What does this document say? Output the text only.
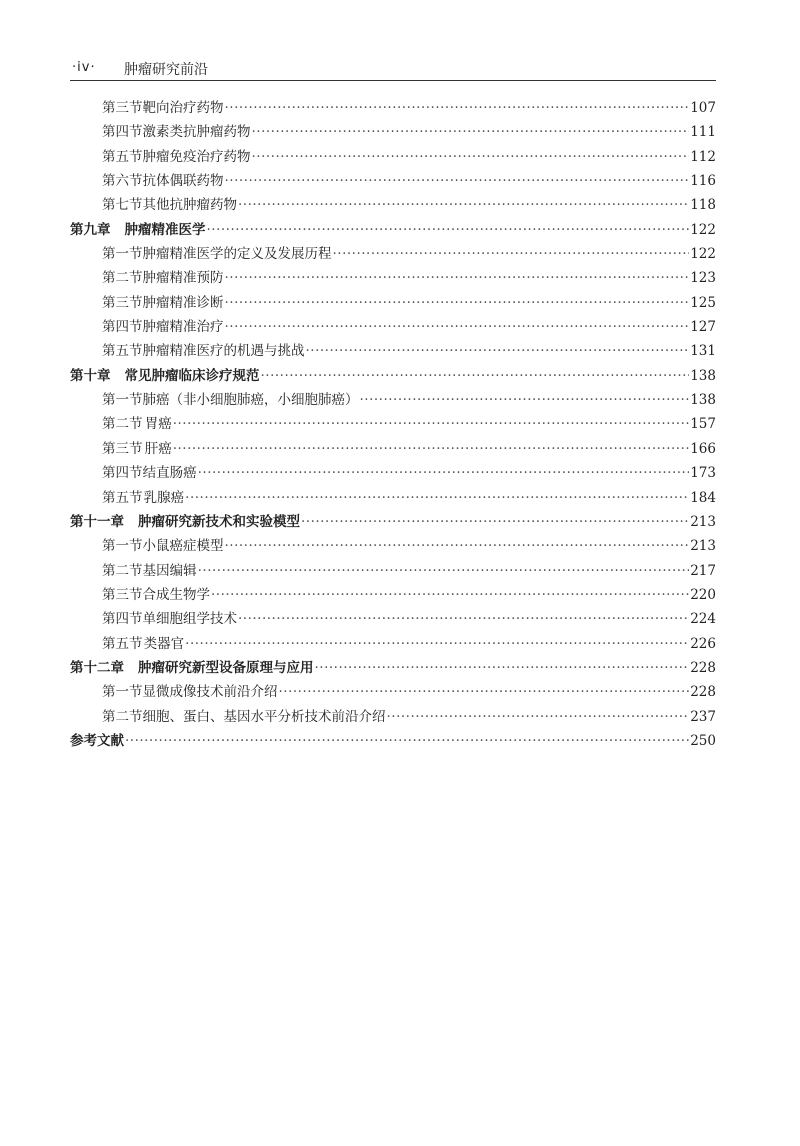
·iv· 肿瘤研究前沿
第三节 靶向治疗药物 ·····	107
第四节 激素类抗肿瘤药物 ·····	111
第五节 肿瘤免疫治疗药物 ·····	112
第六节 抗体偶联药物 ·····	116
第七节 其他抗肿瘤药物 ·····	118
第九章 肿瘤精准医学 ·····	122
第一节 肿瘤精准医学的定义及发展历程 ·····	122
第二节 肿瘤精准预防 ·····	123
第三节 肿瘤精准诊断 ·····	125
第四节 肿瘤精准治疗 ·····	127
第五节 肿瘤精准医疗的机遇与挑战 ·····	131
第十章 常见肿瘤临床诊疗规范 ·····	138
第一节 肺癌（非小细胞肺癌，小细胞肺癌） ·····	138
第二节 胃癌 ·····	157
第三节 肝癌 ·····	166
第四节 结直肠癌 ·····	173
第五节 乳腺癌 ·····	184
第十一章 肿瘤研究新技术和实验模型 ·····	213
第一节 小鼠癌症模型 ·····	213
第二节 基因编辑 ·····	217
第三节 合成生物学 ·····	220
第四节 单细胞组学技术 ·····	224
第五节 类器官 ·····	226
第十二章 肿瘤研究新型设备原理与应用 ·····	228
第一节 显微成像技术前沿介绍 ·····	228
第二节 细胞、蛋白、基因水平分析技术前沿介绍 ·····	237
参考文献 ·····	250
